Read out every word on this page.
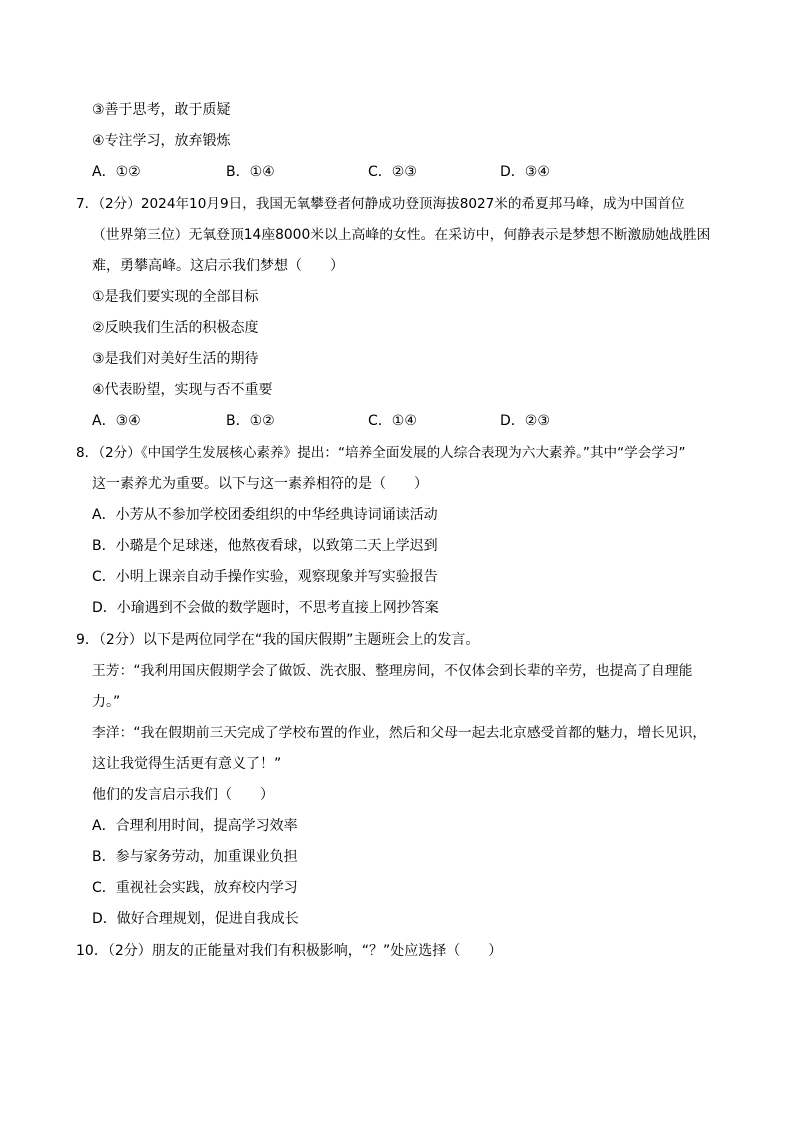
③善于思考，敢于质疑
④专注学习，放弃锻炼
A．①②	B．①④	C．②③	D．③④
7．（2分）2024年10月9日，我国无氧攀登者何静成功登顶海拔8027米的希夏邦马峰，成为中国首位
（世界第三位）无氧登顶14座8000米以上高峰的女性。在采访中，何静表示是梦想不断激励她战胜困
难，勇攀高峰。这启示我们梦想（　　）
①是我们要实现的全部目标
②反映我们生活的积极态度
③是我们对美好生活的期待
④代表盼望，实现与否不重要
A．③④	B．①②	C．①④	D．②③
8．（2分）《中国学生发展核心素养》提出：“培养全面发展的人综合表现为六大素养。”其中“学会学习”
这一素养尤为重要。以下与这一素养相符的是（　　）
A．小芳从不参加学校团委组织的中华经典诗词诵读活动
B．小璐是个足球迷，他熬夜看球，以致第二天上学迟到
C．小明上课亲自动手操作实验，观察现象并写实验报告
D．小瑜遇到不会做的数学题时，不思考直接上网抄答案
9．（2分）以下是两位同学在“我的国庆假期”主题班会上的发言。
王芳：“我利用国庆假期学会了做饭、洗衣服、整理房间，不仅体会到长辈的辛劳，也提高了自理能
力。”
李洋：“我在假期前三天完成了学校布置的作业，然后和父母一起去北京感受首都的魅力，增长见识，
这让我觉得生活更有意义了！”
他们的发言启示我们（　　）
A．合理利用时间，提高学习效率
B．参与家务劳动，加重课业负担
C．重视社会实践，放弃校内学习
D．做好合理规划，促进自我成长
10．（2分）朋友的正能量对我们有积极影响，“？”处应选择（　　）
